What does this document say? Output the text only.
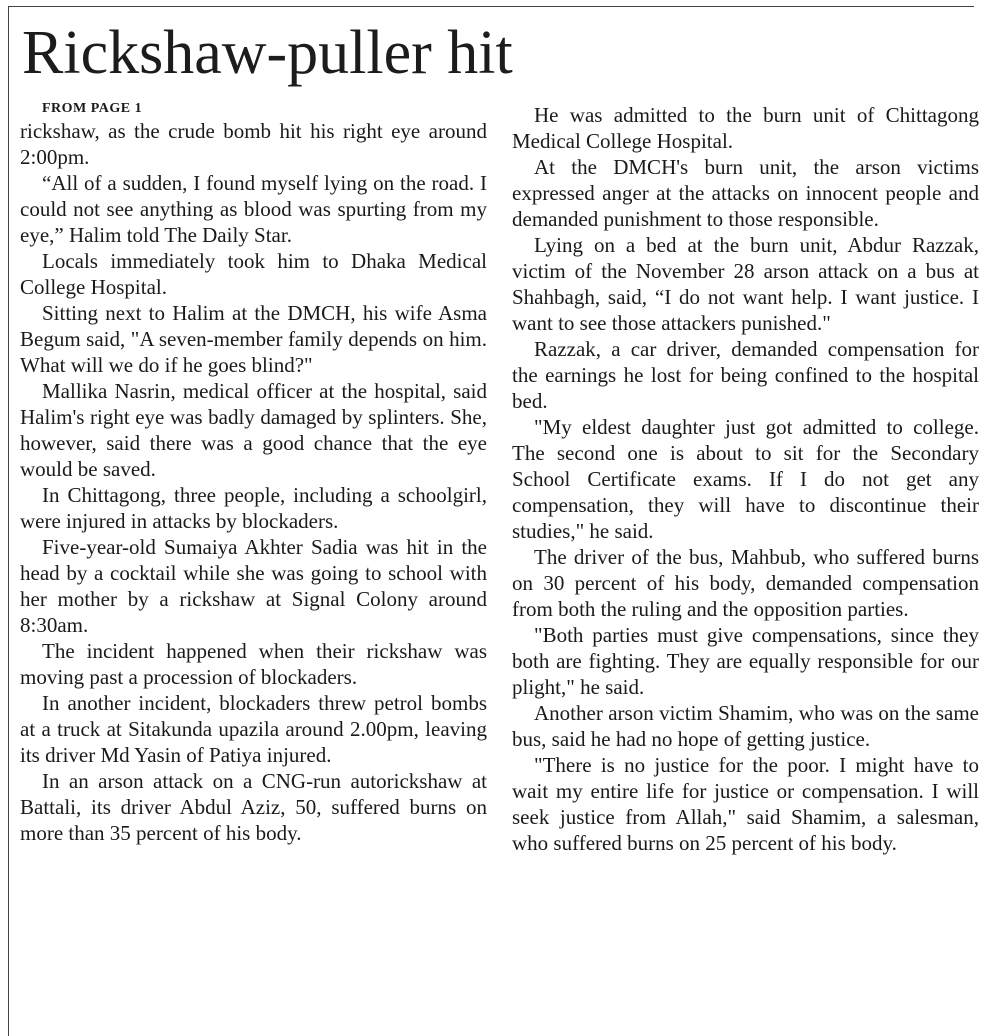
Rickshaw-puller hit

FROM PAGE 1

rickshaw, as the crude bomb hit his right eye around 2:00pm.

“All of a sudden, I found myself lying on the road. I could not see anything as blood was spurting from my eye,” Halim told The Daily Star.

Locals immediately took him to Dhaka Medical College Hospital.

Sitting next to Halim at the DMCH, his wife Asma Begum said, "A seven-member family depends on him. What will we do if he goes blind?"

Mallika Nasrin, medical officer at the hospital, said Halim's right eye was badly damaged by splinters. She, however, said there was a good chance that the eye would be saved.

In Chittagong, three people, including a schoolgirl, were injured in attacks by blockaders.

Five-year-old Sumaiya Akhter Sadia was hit in the head by a cocktail while she was going to school with her mother by a rickshaw at Signal Colony around 8:30am.

The incident happened when their rickshaw was moving past a procession of blockaders.

In another incident, blockaders threw petrol bombs at a truck at Sitakunda upazila around 2.00pm, leaving its driver Md Yasin of Patiya injured.

In an arson attack on a CNG-run autorickshaw at Battali, its driver Abdul Aziz, 50, suffered burns on more than 35 percent of his body.

He was admitted to the burn unit of Chittagong Medical College Hospital.

At the DMCH's burn unit, the arson victims expressed anger at the attacks on innocent people and demanded punishment to those responsible.

Lying on a bed at the burn unit, Abdur Razzak, victim of the November 28 arson attack on a bus at Shahbagh, said, “I do not want help. I want justice. I want to see those attackers punished."

Razzak, a car driver, demanded compensation for the earnings he lost for being confined to the hospital bed.

"My eldest daughter just got admitted to college. The second one is about to sit for the Secondary School Certificate exams. If I do not get any compensation, they will have to discontinue their studies," he said.

The driver of the bus, Mahbub, who suffered burns on 30 percent of his body, demanded compensation from both the ruling and the opposition parties.

"Both parties must give compensations, since they both are fighting. They are equally responsible for our plight," he said.

Another arson victim Shamim, who was on the same bus, said he had no hope of getting justice.

"There is no justice for the poor. I might have to wait my entire life for justice or compensation. I will seek justice from Allah," said Shamim, a salesman, who suffered burns on 25 percent of his body.
